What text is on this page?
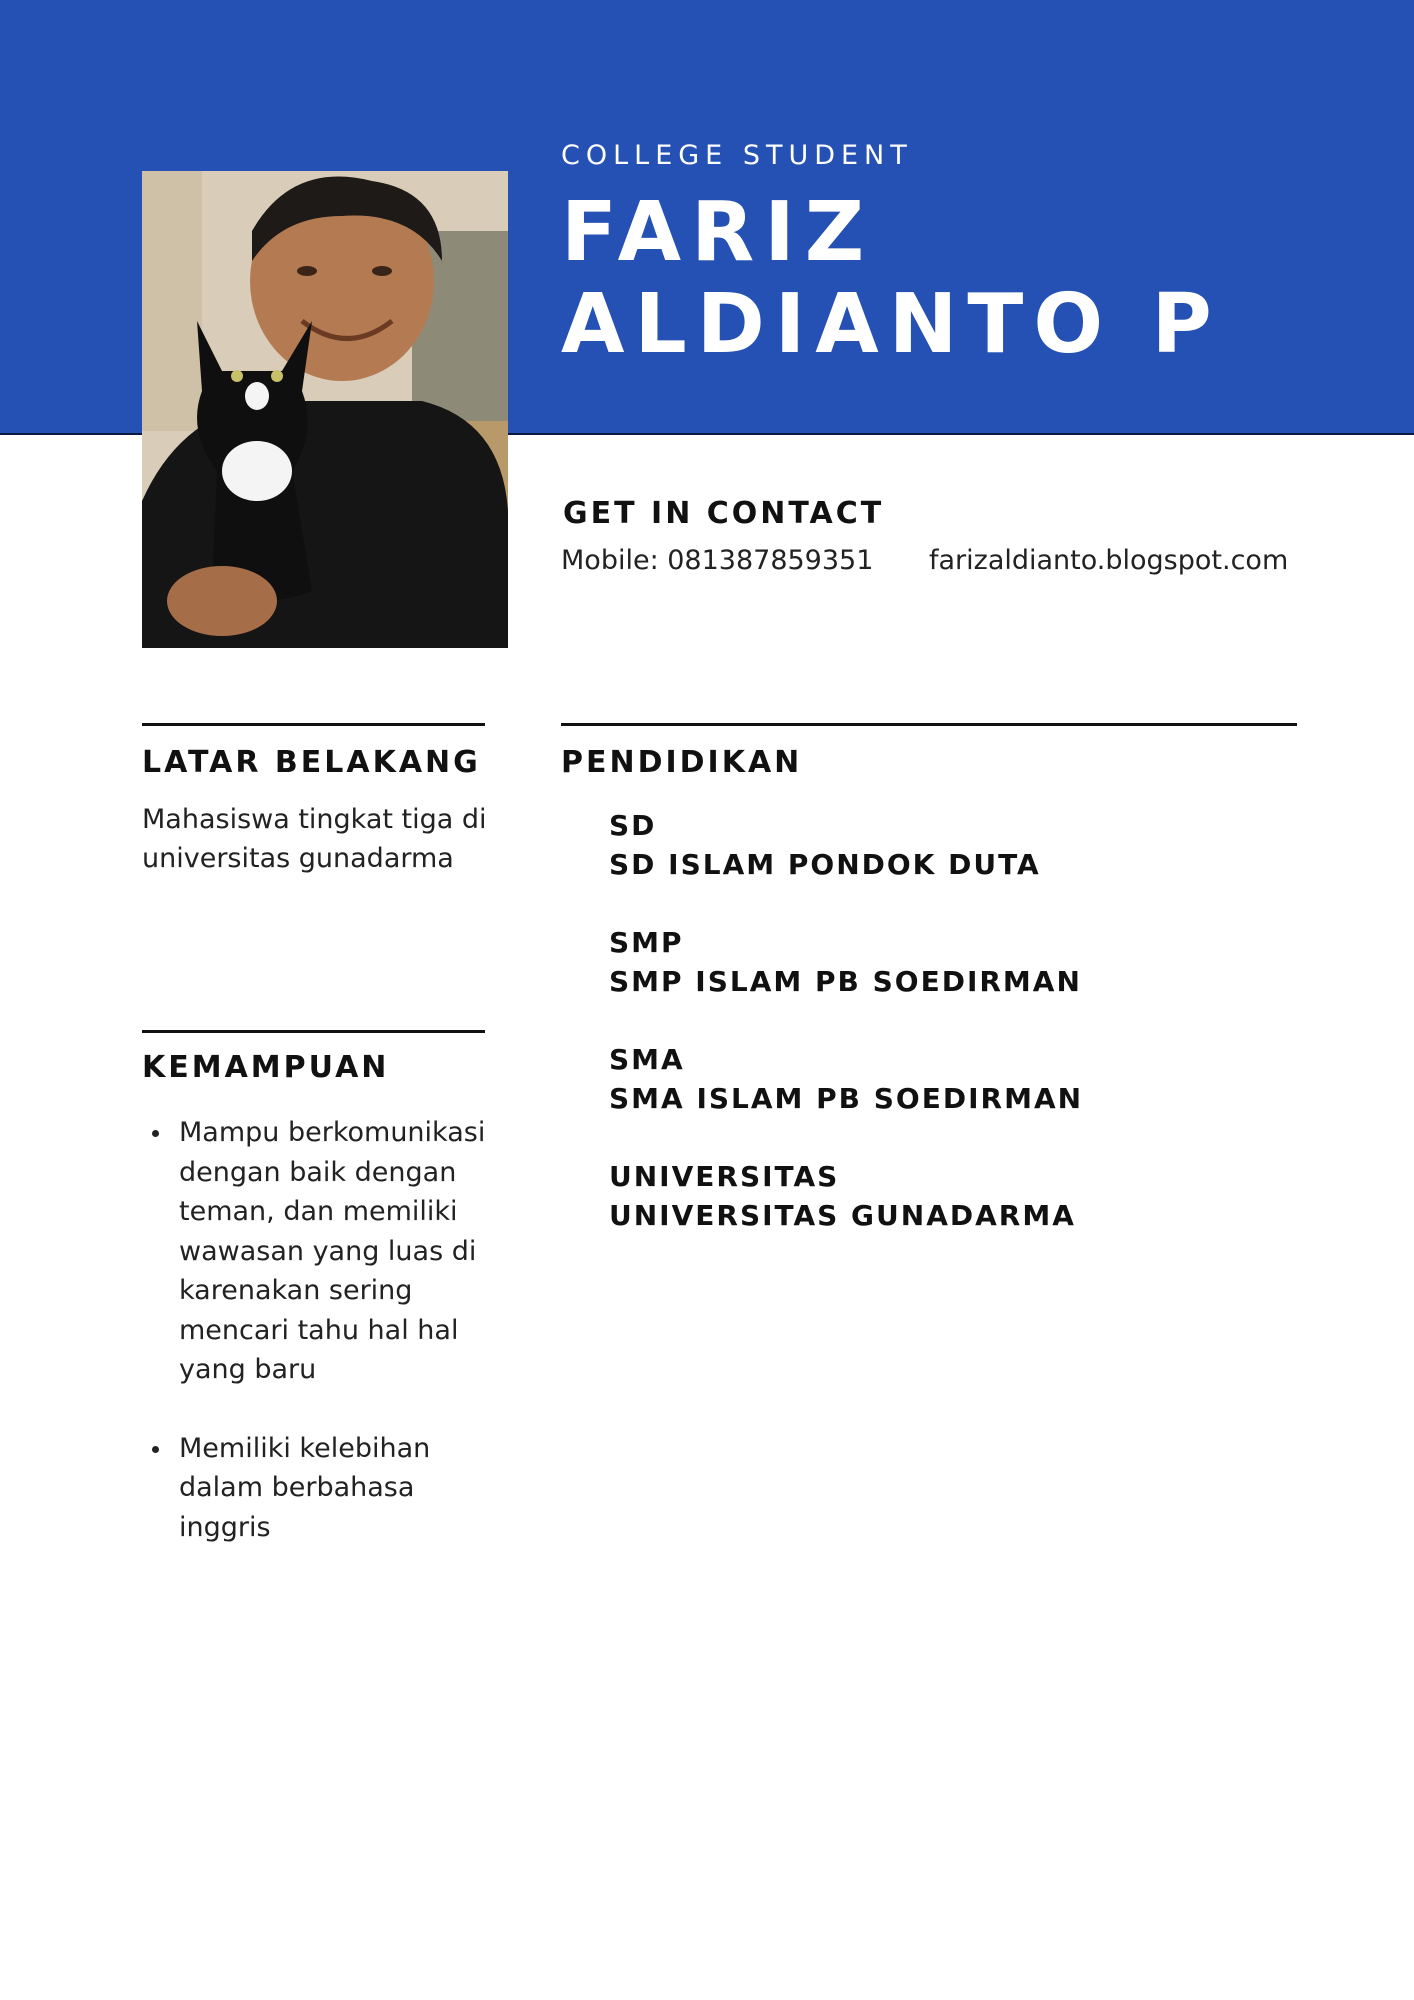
COLLEGE STUDENT
FARIZ
ALDIANTO P
GET IN CONTACT
Mobile: 081387859351 farizaldianto.blogspot.com
LATAR BELAKANG
Mahasiswa tingkat tiga di universitas gunadarma
KEMAMPUAN
Mampu berkomunikasi dengan baik dengan teman, dan memiliki wawasan yang luas di karenakan sering mencari tahu hal hal yang baru
Memiliki kelebihan dalam berbahasa inggris
PENDIDIKAN
SD
SD ISLAM PONDOK DUTA
SMP
SMP ISLAM PB SOEDIRMAN
SMA
SMA ISLAM PB SOEDIRMAN
UNIVERSITAS
UNIVERSITAS GUNADARMA
